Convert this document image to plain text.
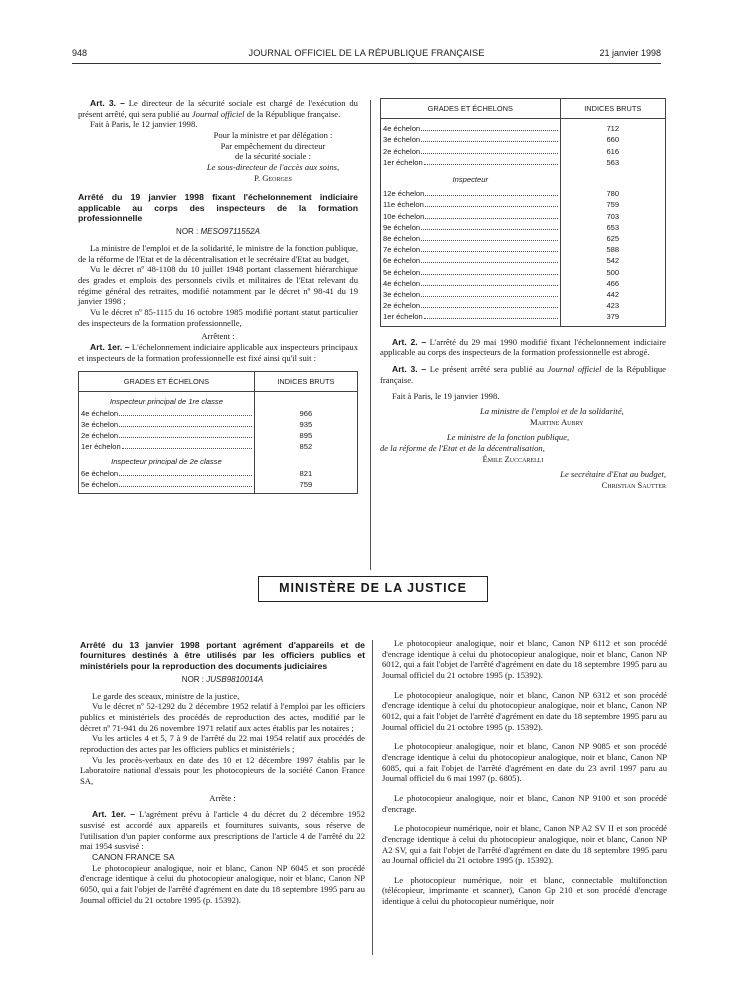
948	JOURNAL OFFICIEL DE LA RÉPUBLIQUE FRANÇAISE	21 janvier 1998

Art. 3. – Le directeur de la sécurité sociale est chargé de l'exécution du présent arrêté, qui sera publié au Journal officiel de la République française.

Fait à Paris, le 12 janvier 1998.

Pour la ministre et par délégation :
Par empêchement du directeur
de la sécurité sociale :
Le sous-directeur de l'accès aux soins,
P. Georges

Arrêté du 19 janvier 1998 fixant l'échelonnement indiciaire applicable au corps des inspecteurs de la formation professionnelle

NOR : MESO9711552A

La ministre de l'emploi et de la solidarité, le ministre de la fonction publique, de la réforme de l'Etat et de la décentralisation et le secrétaire d'Etat au budget,

Vu le décret nº 48-1108 du 10 juillet 1948 portant classement hiérarchique des grades et emplois des personnels civils et militaires de l'Etat relevant du régime général des retraites, modifié notamment par le décret nº 98-41 du 19 janvier 1998 ;

Vu le décret nº 85-1115 du 16 octobre 1985 modifié portant statut particulier des inspecteurs de la formation professionnelle,

Arrêtent :

Art. 1er. – L'échelonnement indiciaire applicable aux inspecteurs principaux et inspecteurs de la formation professionnelle est fixé ainsi qu'il suit :

GRADES ET ÉCHELONS	INDICES BRUTS
Inspecteur principal de 1re classe	

4e échelon	966

3e échelon	935

2e échelon	895

1er échelon	852
Inspecteur principal de 2e classe	

6e échelon	821

5e échelon	759
GRADES ET ÉCHELONS	INDICES BRUTS

4e échelon	712

3e échelon	660

2e échelon	616

1er échelon	563
Inspecteur	

12e échelon	780

11e échelon	759

10e échelon	703

9e échelon	653

8e échelon	625

7e échelon	588

6e échelon	542

5e échelon	500

4e échelon	466

3e échelon	442

2e échelon	423

1er échelon	379

Art. 2. – L'arrêté du 29 mai 1990 modifié fixant l'échelonnement indiciaire applicable au corps des inspecteurs de la formation professionnelle est abrogé.

Art. 3. – Le présent arrêté sera publié au Journal officiel de la République française.

Fait à Paris, le 19 janvier 1998.

La ministre de l'emploi et de la solidarité,
Martine Aubry
Le ministre de la fonction publique,
de la réforme de l'Etat et de la décentralisation,
Émile Zuccarelli
Le secrétaire d'Etat au budget,
Christian Sautter
MINISTÈRE DE LA JUSTICE

Arrêté du 13 janvier 1998 portant agrément d'appareils et de fournitures destinés à être utilisés par les officiers publics et ministériels pour la reproduction des documents judiciaires

NOR : JUSB9810014A

Le garde des sceaux, ministre de la justice,

Vu le décret nº 52-1292 du 2 décembre 1952 relatif à l'emploi par les officiers publics et ministériels des procédés de reproduction des actes, modifié par le décret nº 71-941 du 26 novembre 1971 relatif aux actes établis par les notaires ;

Vu les articles 4 et 5, 7 à 9 de l'arrêté du 22 mai 1954 relatif aux procédés de reproduction des actes par les officiers publics et ministériels ;

Vu les procès-verbaux en date des 10 et 12 décembre 1997 établis par le Laboratoire national d'essais pour les photocopieurs de la société Canon France SA,

Arrête :

Art. 1er. – L'agrément prévu à l'article 4 du décret du 2 décembre 1952 susvisé est accordé aux appareils et fournitures suivants, sous réserve de l'utilisation d'un papier conforme aux prescriptions de l'article 4 de l'arrêté du 22 mai 1954 susvisé :

CANON FRANCE SA

Le photocopieur analogique, noir et blanc, Canon NP 6045 et son procédé d'encrage identique à celui du photocopieur analogique, noir et blanc, Canon NP 6050, qui a fait l'objet de l'arrêté d'agrément en date du 18 septembre 1995 paru au Journal officiel du 21 octobre 1995 (p. 15392).

Le photocopieur analogique, noir et blanc, Canon NP 6112 et son procédé d'encrage identique à celui du photocopieur analogique, noir et blanc, Canon NP 6012, qui a fait l'objet de l'arrêté d'agrément en date du 18 septembre 1995 paru au Journal officiel du 21 octobre 1995 (p. 15392).

Le photocopieur analogique, noir et blanc, Canon NP 6312 et son procédé d'encrage identique à celui du photocopieur analogique, noir et blanc, Canon NP 6012, qui a fait l'objet de l'arrêté d'agrément en date du 18 septembre 1995 paru au Journal officiel du 21 octobre 1995 (p. 15392).

Le photocopieur analogique, noir et blanc, Canon NP 9085 et son procédé d'encrage identique à celui du photocopieur analogique, noir et blanc, Canon NP 6085, qui a fait l'objet de l'arrêté d'agrément en date du 23 avril 1997 paru au Journal officiel du 6 mai 1997 (p. 6805).

Le photocopieur analogique, noir et blanc, Canon NP 9100 et son procédé d'encrage.

Le photocopieur numérique, noir et blanc, Canon NP A2 SV II et son procédé d'encrage identique à celui du photocopieur analogique, noir et blanc, Canon NP A2 SV, qui a fait l'objet de l'arrêté d'agrément en date du 18 septembre 1995 paru au Journal officiel du 21 octobre 1995 (p. 15392).

Le photocopieur numérique, noir et blanc, connectable multifonction (télécopieur, imprimante et scanner), Canon Gp 210 et son procédé d'encrage identique à celui du photocopieur numérique, noir
